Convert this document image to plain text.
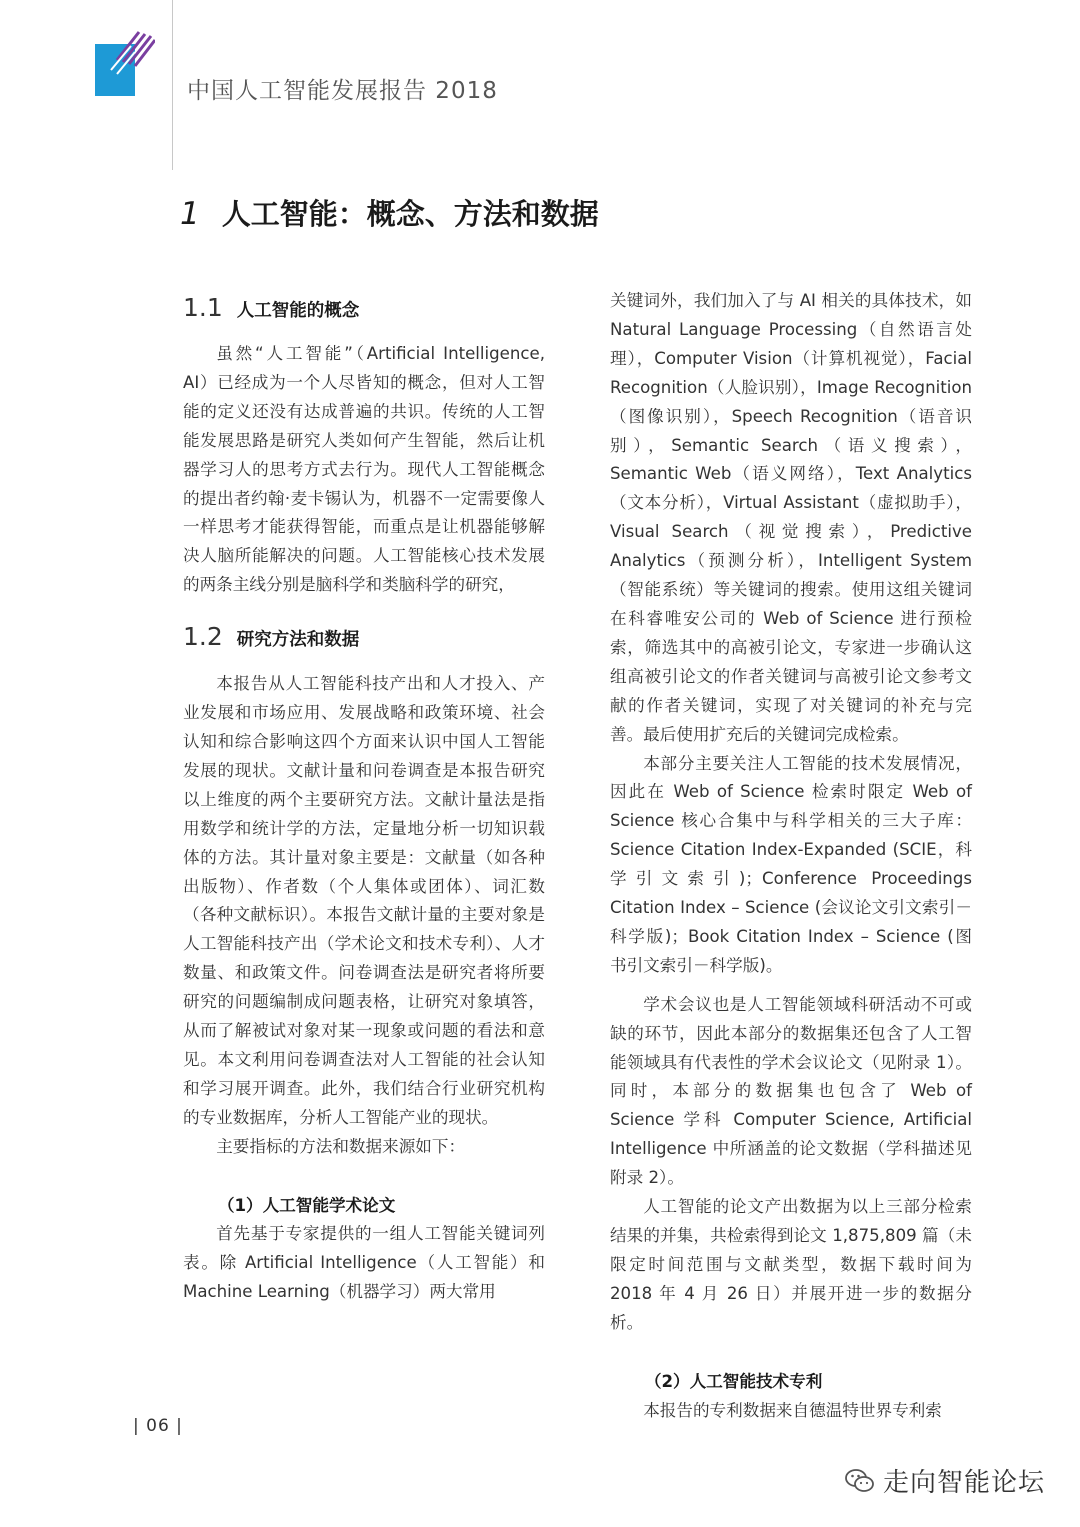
中国人工智能发展报告 2018
1 人工智能：概念、方法和数据
1.1 人工智能的概念

虽然“人工智能”（Artificial Intelligence, AI）已经成为一个人尽皆知的概念，但对人工智能的定义还没有达成普遍的共识。传统的人工智能发展思路是研究人类如何产生智能，然后让机器学习人的思考方式去行为。现代人工智能概念的提出者约翰·麦卡锡认为，机器不一定需要像人一样思考才能获得智能，而重点是让机器能够解决人脑所能解决的问题。人工智能核心技术发展的两条主线分别是脑科学和类脑科学的研究，

1.2 研究方法和数据

本报告从人工智能科技产出和人才投入、产业发展和市场应用、发展战略和政策环境、社会认知和综合影响这四个方面来认识中国人工智能发展的现状。文献计量和问卷调查是本报告研究以上维度的两个主要研究方法。文献计量法是指用数学和统计学的方法，定量地分析一切知识载体的方法。其计量对象主要是：文献量（如各种出版物）、作者数（个人集体或团体）、词汇数（各种文献标识）。本报告文献计量的主要对象是人工智能科技产出（学术论文和技术专利）、人才数量、和政策文件。问卷调查法是研究者将所要研究的问题编制成问题表格，让研究对象填答，从而了解被试对象对某一现象或问题的看法和意见。本文利用问卷调查法对人工智能的社会认知和学习展开调查。此外，我们结合行业研究机构的专业数据库，分析人工智能产业的现状。

主要指标的方法和数据来源如下：

（1）人工智能学术论文

首先基于专家提供的一组人工智能关键词列表。除 Artificial Intelligence（人工智能）和 Machine Learning（机器学习）两大常用

关键词外，我们加入了与 AI 相关的具体技术，如 Natural Language Processing（自然语言处理），Computer Vision（计算机视觉），Facial Recognition（人脸识别），Image Recognition（图像识别），Speech Recognition（语音识别），Semantic Search（语义搜索），Semantic Web（语义网络），Text Analytics（文本分析），Virtual Assistant（虚拟助手），Visual Search（视觉搜索），Predictive Analytics（预测分析），Intelligent System（智能系统）等关键词的搜索。使用这组关键词在科睿唯安公司的 Web of Science 进行预检索，筛选其中的高被引论文，专家进一步确认这组高被引论文的作者关键词与高被引论文参考文献的作者关键词，实现了对关键词的补充与完善。最后使用扩充后的关键词完成检索。

本部分主要关注人工智能的技术发展情况，因此在 Web of Science 检索时限定 Web of Science 核心合集中与科学相关的三大子库：Science Citation Index-Expanded (SCIE，科学引文索引)；Conference Proceedings Citation Index – Science (会议论文引文索引－科学版)；Book Citation Index – Science (图书引文索引－科学版)。

学术会议也是人工智能领域科研活动不可或缺的环节，因此本部分的数据集还包含了人工智能领域具有代表性的学术会议论文（见附录 1）。同时，本部分的数据集也包含了 Web of Science 学科 Computer Science, Artificial Intelligence 中所涵盖的论文数据（学科描述见附录 2）。

人工智能的论文产出数据为以上三部分检索结果的并集，共检索得到论文 1,875,809 篇（未限定时间范围与文献类型，数据下载时间为 2018 年 4 月 26 日）并展开进一步的数据分析。

（2）人工智能技术专利

本报告的专利数据来自德温特世界专利索

| 06 |
走向智能论坛
